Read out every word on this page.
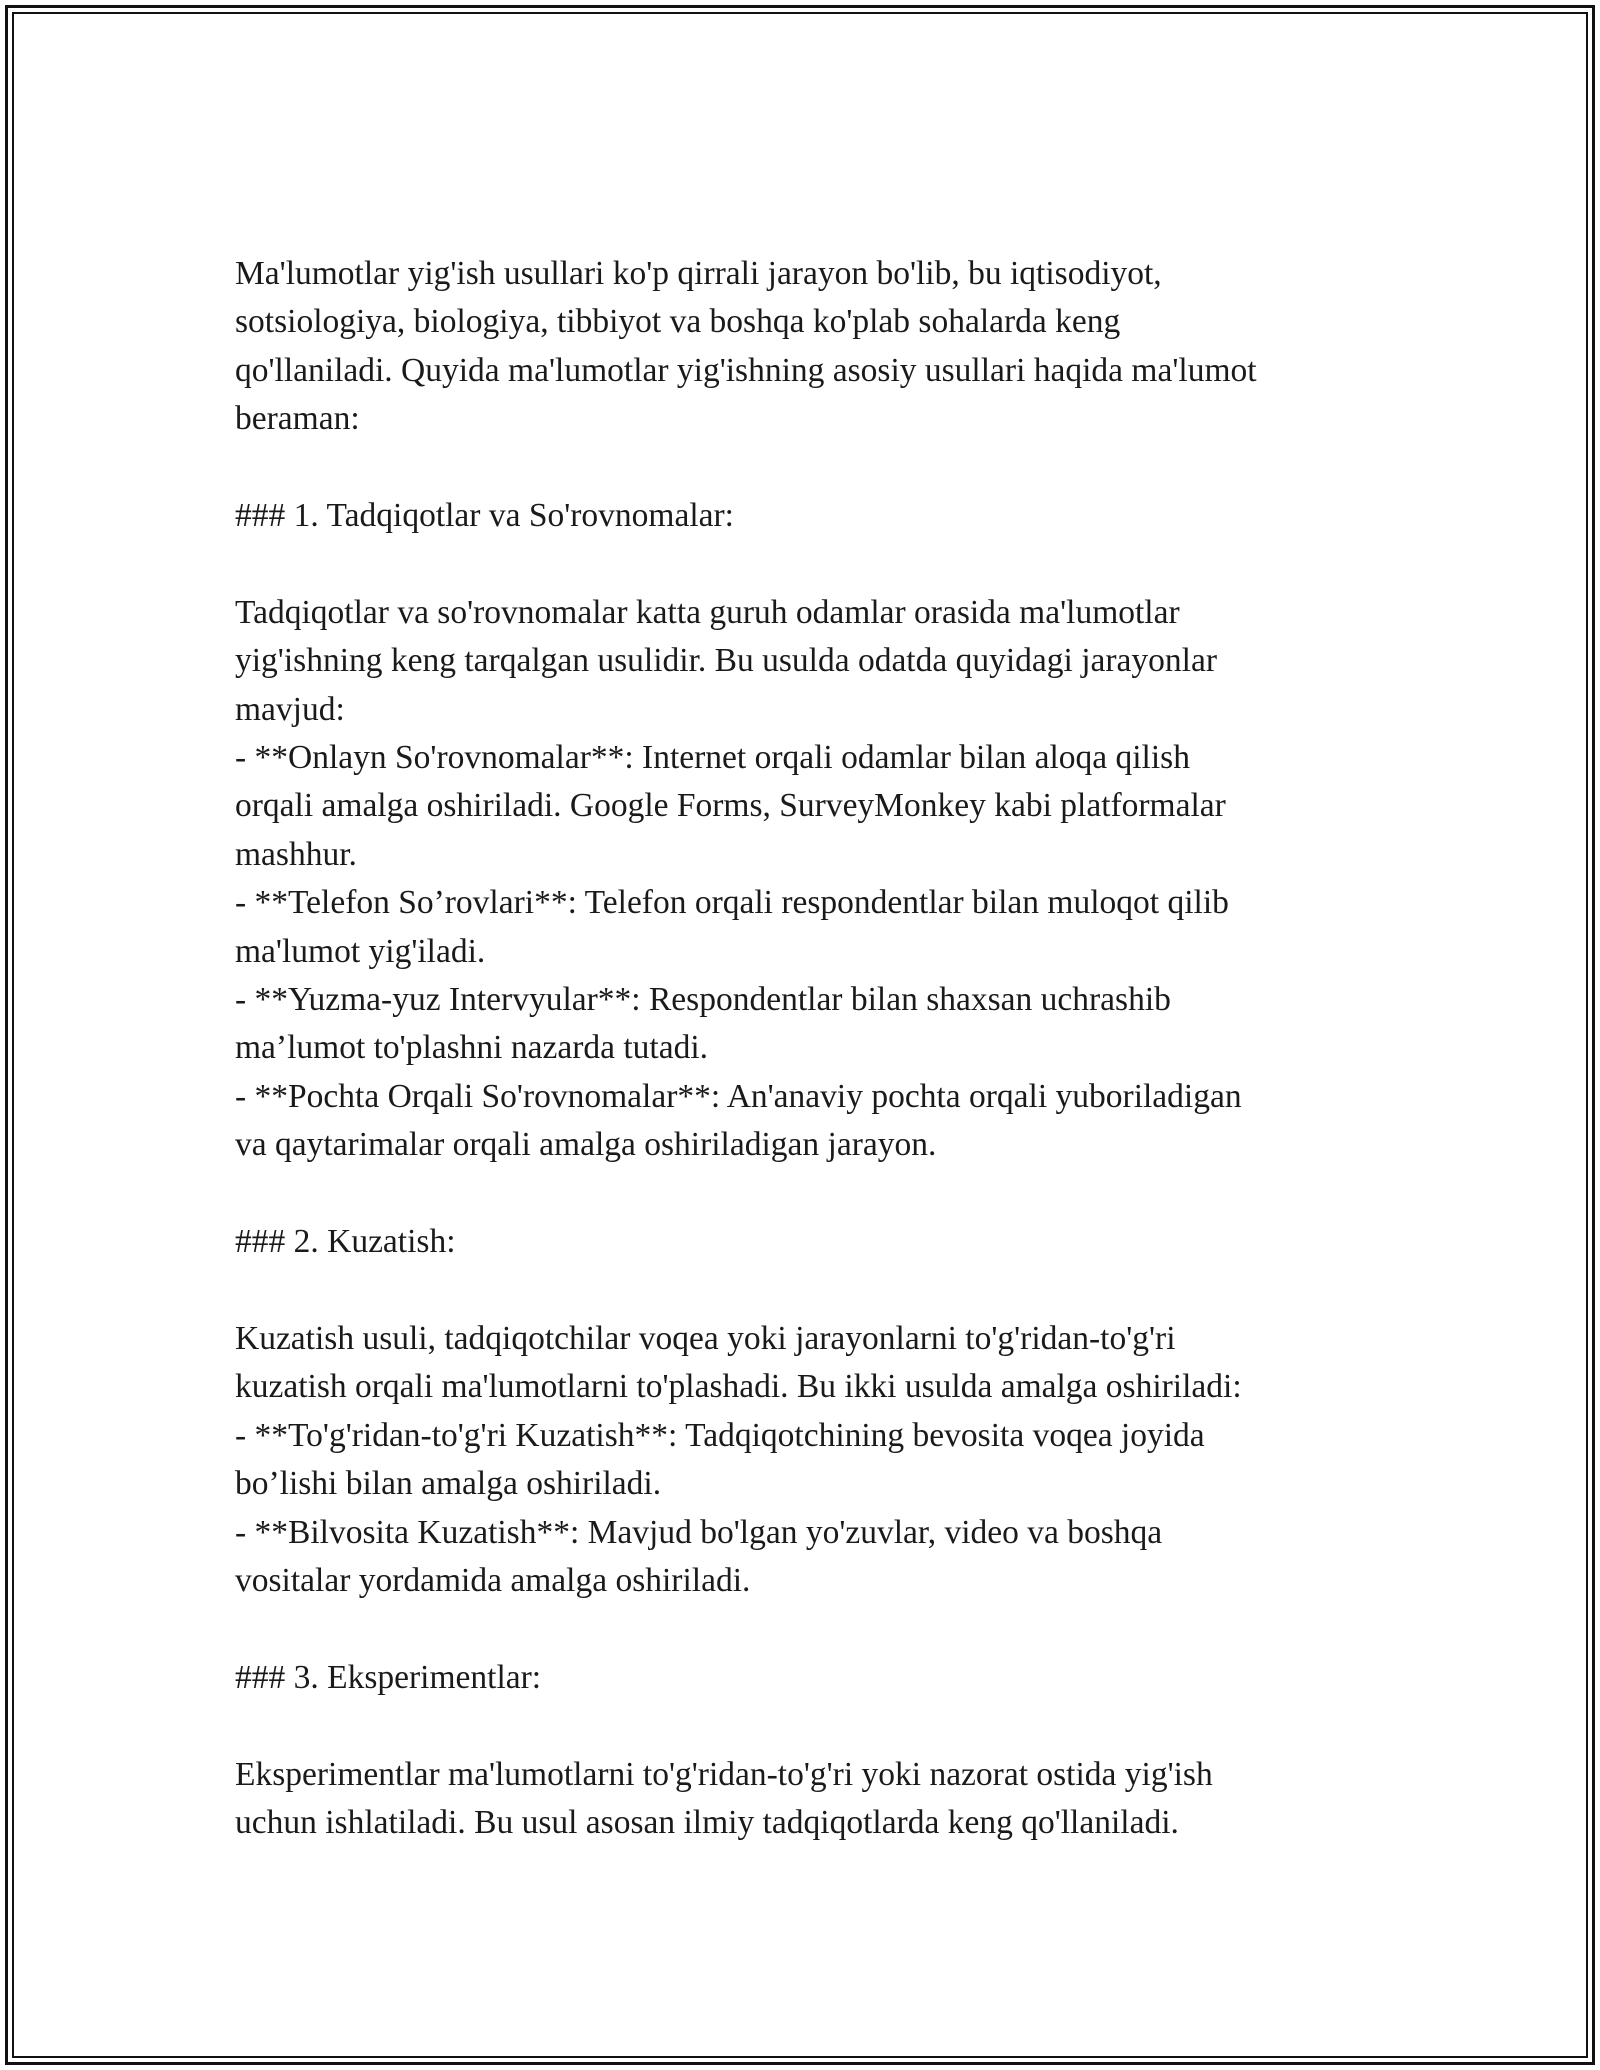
Ma'lumotlar yig'ish usullari ko'p qirrali jarayon bo'lib, bu iqtisodiyot,

sotsiologiya, biologiya, tibbiyot va boshqa ko'plab sohalarda keng

qo'llaniladi. Quyida ma'lumotlar yig'ishning asosiy usullari haqida ma'lumot

beraman:

### 1. Tadqiqotlar va So'rovnomalar:

Tadqiqotlar va so'rovnomalar katta guruh odamlar orasida ma'lumotlar

yig'ishning keng tarqalgan usulidir. Bu usulda odatda quyidagi jarayonlar

mavjud:

- **Onlayn So'rovnomalar**: Internet orqali odamlar bilan aloqa qilish

orqali amalga oshiriladi. Google Forms, SurveyMonkey kabi platformalar

mashhur.

- **Telefon So’rovlari**: Telefon orqali respondentlar bilan muloqot qilib

ma'lumot yig'iladi.

- **Yuzma-yuz Intervyular**: Respondentlar bilan shaxsan uchrashib

ma’lumot to'plashni nazarda tutadi.

- **Pochta Orqali So'rovnomalar**: An'anaviy pochta orqali yuboriladigan

va qaytarimalar orqali amalga oshiriladigan jarayon.

### 2. Kuzatish:

Kuzatish usuli, tadqiqotchilar voqea yoki jarayonlarni to'g'ridan-to'g'ri

kuzatish orqali ma'lumotlarni to'plashadi. Bu ikki usulda amalga oshiriladi:

- **To'g'ridan-to'g'ri Kuzatish**: Tadqiqotchining bevosita voqea joyida

bo’lishi bilan amalga oshiriladi.

- **Bilvosita Kuzatish**: Mavjud bo'lgan yo'zuvlar, video va boshqa

vositalar yordamida amalga oshiriladi.

### 3. Eksperimentlar:

Eksperimentlar ma'lumotlarni to'g'ridan-to'g'ri yoki nazorat ostida yig'ish

uchun ishlatiladi. Bu usul asosan ilmiy tadqiqotlarda keng qo'llaniladi.
